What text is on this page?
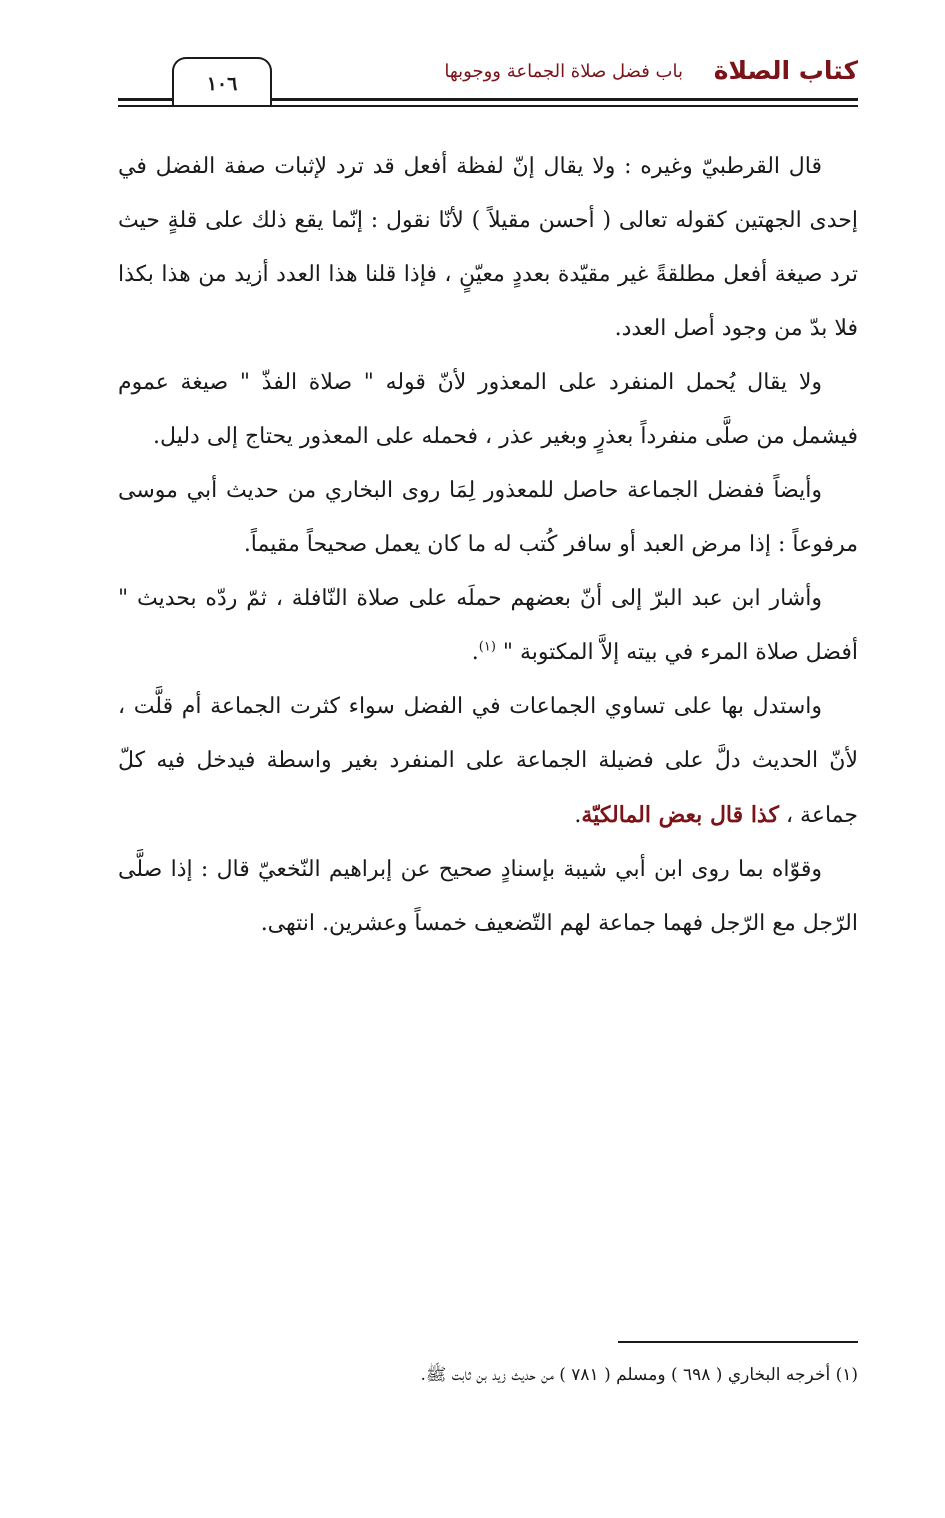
كتاب الصلاة
باب فضل صلاة الجماعة ووجوبها
١٠٦

قال القرطبيّ وغيره : ولا يقال إنّ لفظة أفعل قد ترد لإثبات صفة الفضل في إحدى الجهتين كقوله تعالى ( أحسن مقيلاً ) لأنّا نقول : إنّما يقع ذلك على قلةٍ حيث ترد صيغة أفعل مطلقةً غير مقيّدة بعددٍ معيّنٍ ، فإذا قلنا هذا العدد أزيد من هذا بكذا فلا بدّ من وجود أصل العدد.

ولا يقال يُحمل المنفرد على المعذور لأنّ قوله " صلاة الفذّ " صيغة عموم فيشمل من صلَّى منفرداً بعذرٍ وبغير عذر ، فحمله على المعذور يحتاج إلى دليل.

وأيضاً ففضل الجماعة حاصل للمعذور لِمَا روى البخاري من حديث أبي موسى مرفوعاً : إذا مرض العبد أو سافر كُتب له ما كان يعمل صحيحاً مقيماً.

وأشار ابن عبد البرّ إلى أنّ بعضهم حملَه على صلاة النّافلة ، ثمّ ردّه بحديث " أفضل صلاة المرء في بيته إلاَّ المكتوبة " $^{(١)}$.

واستدل بها على تساوي الجماعات في الفضل سواء كثرت الجماعة أم قلَّت ، لأنّ الحديث دلَّ على فضيلة الجماعة على المنفرد بغير واسطة فيدخل فيه كلّ جماعة ، كذا قال بعض المالكيّة.

وقوّاه بما روى ابن أبي شيبة بإسنادٍ صحيح عن إبراهيم النّخعيّ قال : إذا صلَّى الرّجل مع الرّجل فهما جماعة لهم التّضعيف خمساً وعشرين. انتهى.

(١) أخرجه البخاري ( ٦٩٨ ) ومسلم ( ٧٨١ ) من حديث زيد بن ثابت ﷺ.
